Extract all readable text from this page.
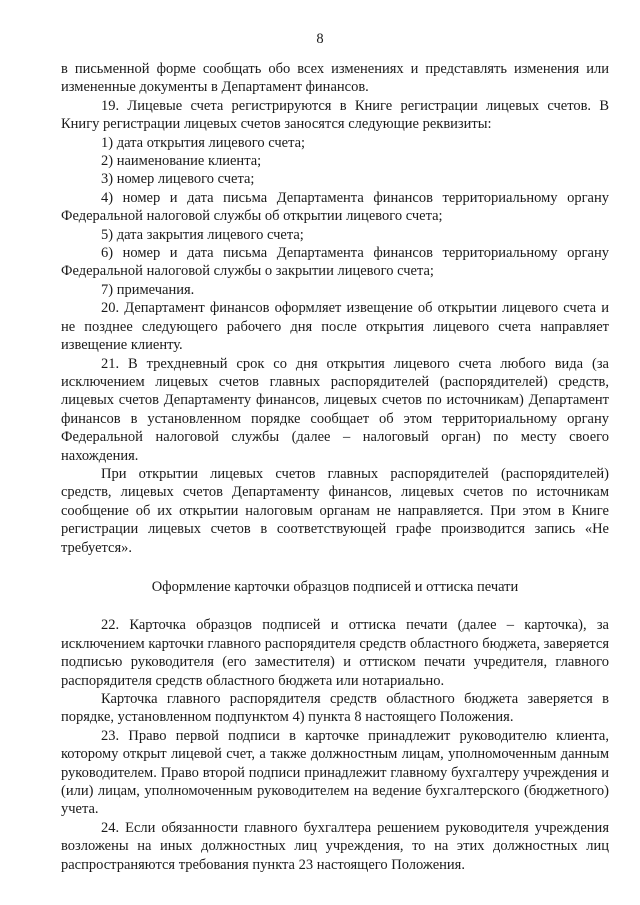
8

в письменной форме сообщать обо всех изменениях и представлять изменения или измененные документы в Департамент финансов.

19. Лицевые счета регистрируются в Книге регистрации лицевых счетов. В Книгу регистрации лицевых счетов заносятся следующие реквизиты:

1) дата открытия лицевого счета;

2) наименование клиента;

3) номер лицевого счета;

4) номер и дата письма Департамента финансов территориальному органу Федеральной налоговой службы об открытии лицевого счета;

5) дата закрытия лицевого счета;

6) номер и дата письма Департамента финансов территориальному органу Федеральной налоговой службы о закрытии лицевого счета;

7) примечания.

20. Департамент финансов оформляет извещение об открытии лицевого счета и не позднее следующего рабочего дня после открытия лицевого счета направляет извещение клиенту.

21. В трехдневный срок со дня открытия лицевого счета любого вида (за исключением лицевых счетов главных распорядителей (распорядителей) средств, лицевых счетов Департаменту финансов, лицевых счетов по источникам) Департамент финансов в установленном порядке сообщает об этом территориальному органу Федеральной налоговой службы (далее – налоговый орган) по месту своего нахождения.

При открытии лицевых счетов главных распорядителей (распорядителей) средств, лицевых счетов Департаменту финансов, лицевых счетов по источникам сообщение об их открытии налоговым органам не направляется. При этом в Книге регистрации лицевых счетов в соответствующей графе производится запись «Не требуется».

Оформление карточки образцов подписей и оттиска печати

22. Карточка образцов подписей и оттиска печати (далее – карточка), за исключением карточки главного распорядителя средств областного бюджета, заверяется подписью руководителя (его заместителя) и оттиском печати учредителя, главного распорядителя средств областного бюджета или нотариально.

Карточка главного распорядителя средств областного бюджета заверяется в порядке, установленном подпунктом 4) пункта 8 настоящего Положения.

23. Право первой подписи в карточке принадлежит руководителю клиента, которому открыт лицевой счет, а также должностным лицам, уполномоченным данным руководителем. Право второй подписи принадлежит главному бухгалтеру учреждения и (или) лицам, уполномоченным руководителем на ведение бухгалтерского (бюджетного) учета.

24. Если обязанности главного бухгалтера решением руководителя учреждения возложены на иных должностных лиц учреждения, то на этих должностных лиц распространяются требования пункта 23 настоящего Положения.
